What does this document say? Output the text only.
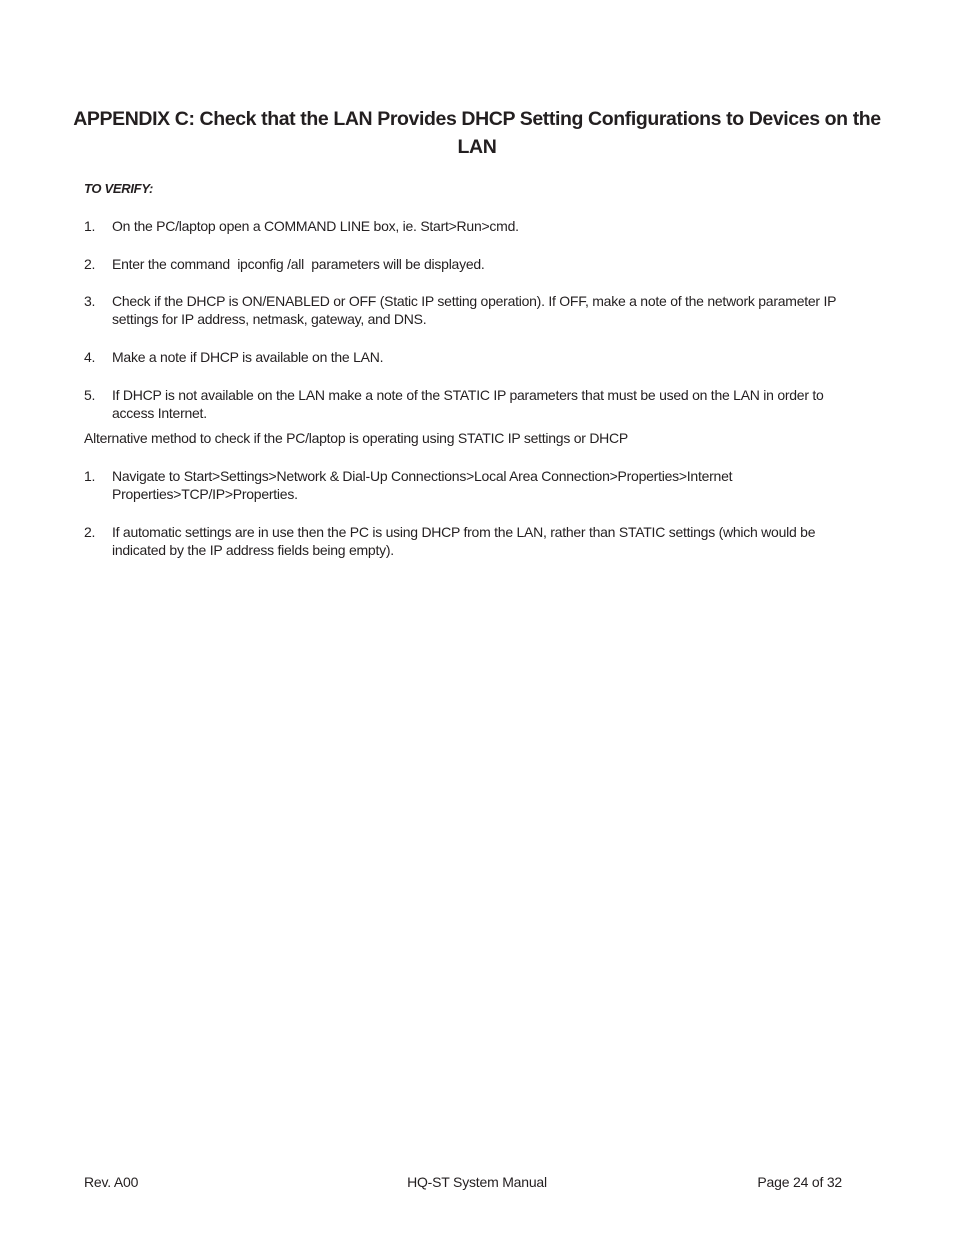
APPENDIX C: Check that the LAN Provides DHCP Setting Configurations to Devices on the LAN
TO VERIFY:
1. On the PC/laptop open a COMMAND LINE box, ie. Start>Run>cmd.
2. Enter the command  ipconfig /all  parameters will be displayed.
3. Check if the DHCP is ON/ENABLED or OFF (Static IP setting operation). If OFF, make a note of the network parameter IP settings for IP address, netmask, gateway, and DNS.
4. Make a note if DHCP is available on the LAN.
5. If DHCP is not available on the LAN make a note of the STATIC IP parameters that must be used on the LAN in order to access Internet.
Alternative method to check if the PC/laptop is operating using STATIC IP settings or DHCP
1. Navigate to Start>Settings>Network & Dial-Up Connections>Local Area Connection>Properties>Internet Properties>TCP/IP>Properties.
2. If automatic settings are in use then the PC is using DHCP from the LAN, rather than STATIC settings (which would be indicated by the IP address fields being empty).
Rev. A00	HQ-ST System Manual	Page 24 of 32
